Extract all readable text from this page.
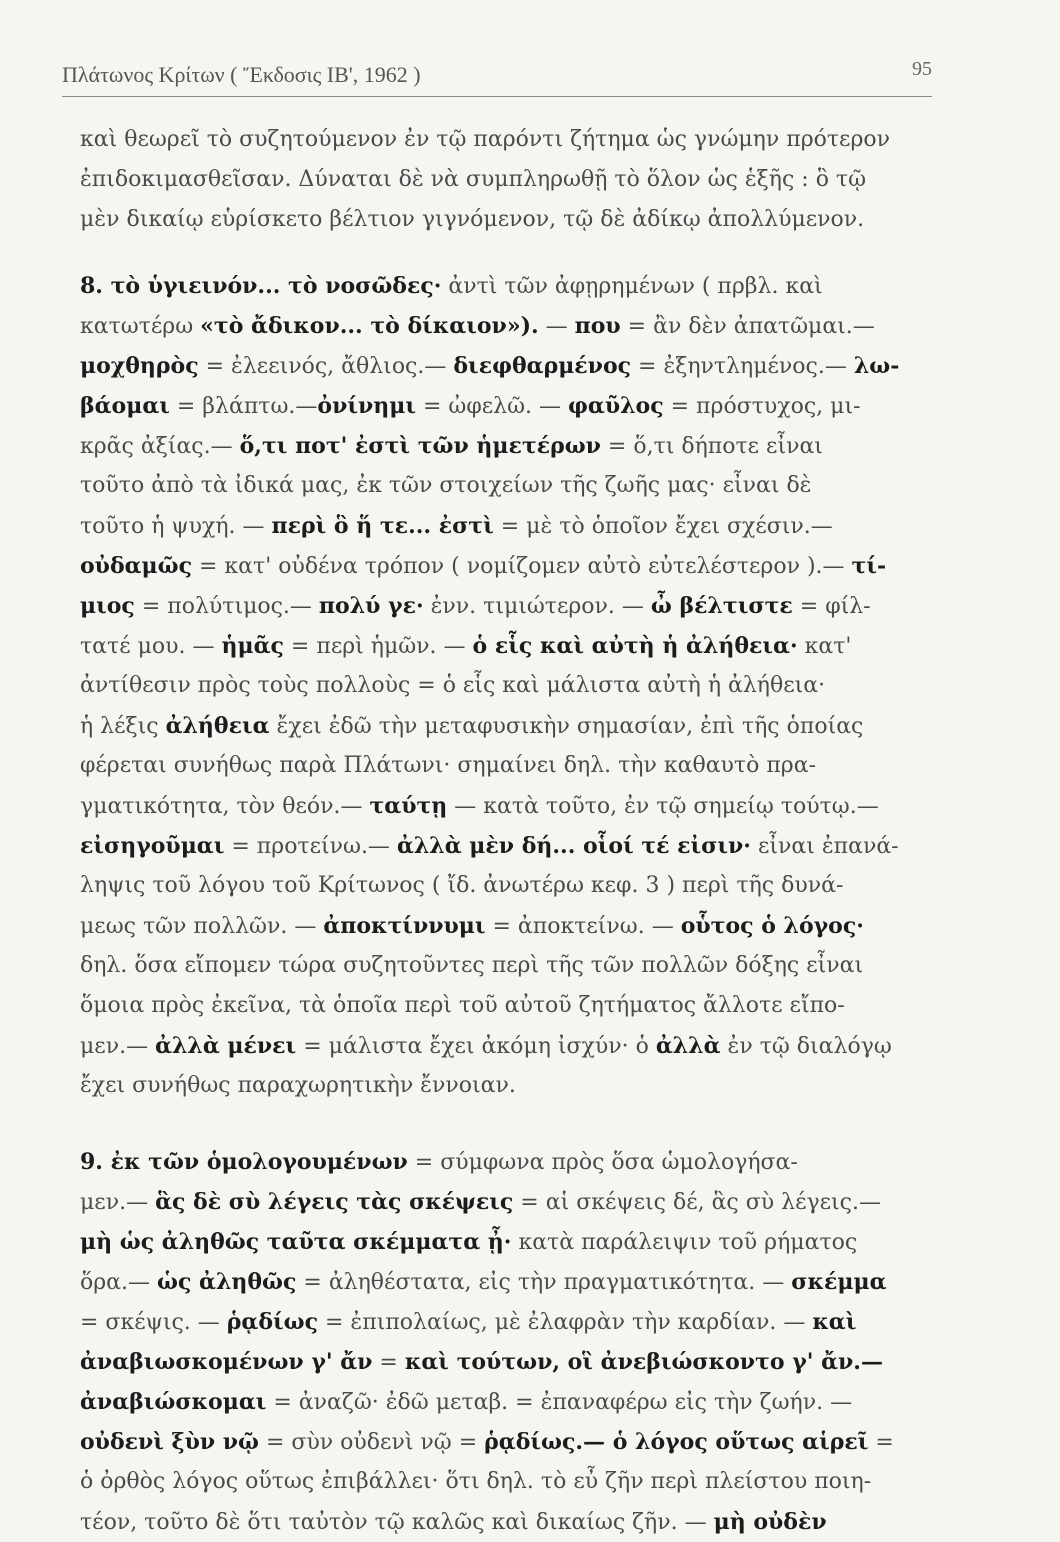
Πλάτωνος Κρίτων ( Ἔκδοσις ΙΒ', 1962 )	95
καὶ θεωρεῖ τὸ συζητούμενον ἐν τῷ παρόντι ζήτημα ὡς γνώμην πρότερον
ἐπιδοκιμασθεῖσαν. Δύναται δὲ νὰ συμπληρωθῇ τὸ ὅλον ὡς ἑξῆς : ὃ τῷ
μὲν δικαίῳ εὑρίσκετο βέλτιον γιγνόμενον, τῷ δὲ ἀδίκῳ ἀπολλύμενον.
8. τὸ ὑγιεινόν... τὸ νοσῶδες· ἀντὶ τῶν ἀφῃρημένων ( πρβλ. καὶ
κατωτέρω «τὸ ἄδικον... τὸ δίκαιον»). — που = ἂν δὲν ἀπατῶμαι.—
μοχθηρὸς = ἐλεεινός, ἄθλιος.— διεφθαρμένος = ἐξηντλημένος.— λω-
βάομαι = βλάπτω.—ὀνίνημι = ὠφελῶ. — φαῦλος = πρόστυχος, μι-
κρᾶς ἀξίας.— ὅ,τι ποτ' ἐστὶ τῶν ἡμετέρων = ὅ,τι δήποτε εἶναι
τοῦτο ἀπὸ τὰ ἰδικά μας, ἐκ τῶν στοιχείων τῆς ζωῆς μας· εἶναι δὲ
τοῦτο ἡ ψυχή. — περὶ ὃ ἥ τε... ἐστὶ = μὲ τὸ ὁποῖον ἔχει σχέσιν.—
οὐδαμῶς = κατ' οὐδένα τρόπον ( νομίζομεν αὐτὸ εὐτελέστερον ).— τί-
μιος = πολύτιμος.— πολύ γε· ἐνν. τιμιώτερον. — ὦ βέλτιστε = φίλ-
τατέ μου. — ἡμᾶς = περὶ ἡμῶν. — ὁ εἷς καὶ αὐτὴ ἡ ἀλήθεια· κατ'
ἀντίθεσιν πρὸς τοὺς πολλοὺς = ὁ εἷς καὶ μάλιστα αὐτὴ ἡ ἀλήθεια·
ἡ λέξις ἀλήθεια ἔχει ἐδῶ τὴν μεταφυσικὴν σημασίαν, ἐπὶ τῆς ὁποίας
φέρεται συνήθως παρὰ Πλάτωνι· σημαίνει δηλ. τὴν καθαυτὸ πρα-
γματικότητα, τὸν θεόν.— ταύτῃ — κατὰ τοῦτο, ἐν τῷ σημείῳ τούτῳ.—
εἰσηγοῦμαι = προτείνω.— ἀλλὰ μὲν δή... οἷοί τέ εἰσιν· εἶναι ἐπανά-
ληψις τοῦ λόγου τοῦ Κρίτωνος ( ἴδ. ἀνωτέρω κεφ. 3 ) περὶ τῆς δυνά-
μεως τῶν πολλῶν. — ἀποκτίννυμι = ἀποκτείνω. — οὗτος ὁ λόγος·
δηλ. ὅσα εἴπομεν τώρα συζητοῦντες περὶ τῆς τῶν πολλῶν δόξης εἶναι
ὅμοια πρὸς ἐκεῖνα, τὰ ὁποῖα περὶ τοῦ αὐτοῦ ζητήματος ἄλλοτε εἴπο-
μεν.— ἀλλὰ μένει = μάλιστα ἔχει ἀκόμη ἰσχύν· ὁ ἀλλὰ ἐν τῷ διαλόγῳ
ἔχει συνήθως παραχωρητικὴν ἔννοιαν.
9. ἐκ τῶν ὁμολογουμένων = σύμφωνα πρὸς ὅσα ὡμολογήσα-
μεν.— ἃς δὲ σὺ λέγεις τὰς σκέψεις = αἱ σκέψεις δέ, ἃς σὺ λέγεις.—
μὴ ὡς ἀληθῶς ταῦτα σκέμματα ᾖ· κατὰ παράλειψιν τοῦ ρήματος
ὅρα.— ὡς ἀληθῶς = ἀληθέστατα, εἰς τὴν πραγματικότητα. — σκέμμα
= σκέψις. — ῥᾳδίως = ἐπιπολαίως, μὲ ἐλαφρὰν τὴν καρδίαν. — καὶ
ἀναβιωσκομένων γ' ἄν = καὶ τούτων, οἳ ἀνεβιώσκοντο γ' ἄν.—
ἀναβιώσκομαι = ἀναζῶ· ἐδῶ μεταβ. = ἐπαναφέρω εἰς τὴν ζωήν. —
οὐδενὶ ξὺν νῷ = σὺν οὐδενὶ νῷ = ῥᾳδίως.— ὁ λόγος οὕτως αἱρεῖ =
ὁ ὀρθὸς λόγος οὕτως ἐπιβάλλει· ὅτι δηλ. τὸ εὖ ζῆν περὶ πλείστου ποιη-
τέον, τοῦτο δὲ ὅτι ταὐτὸν τῷ καλῶς καὶ δικαίως ζῆν. — μὴ οὐδὲν
